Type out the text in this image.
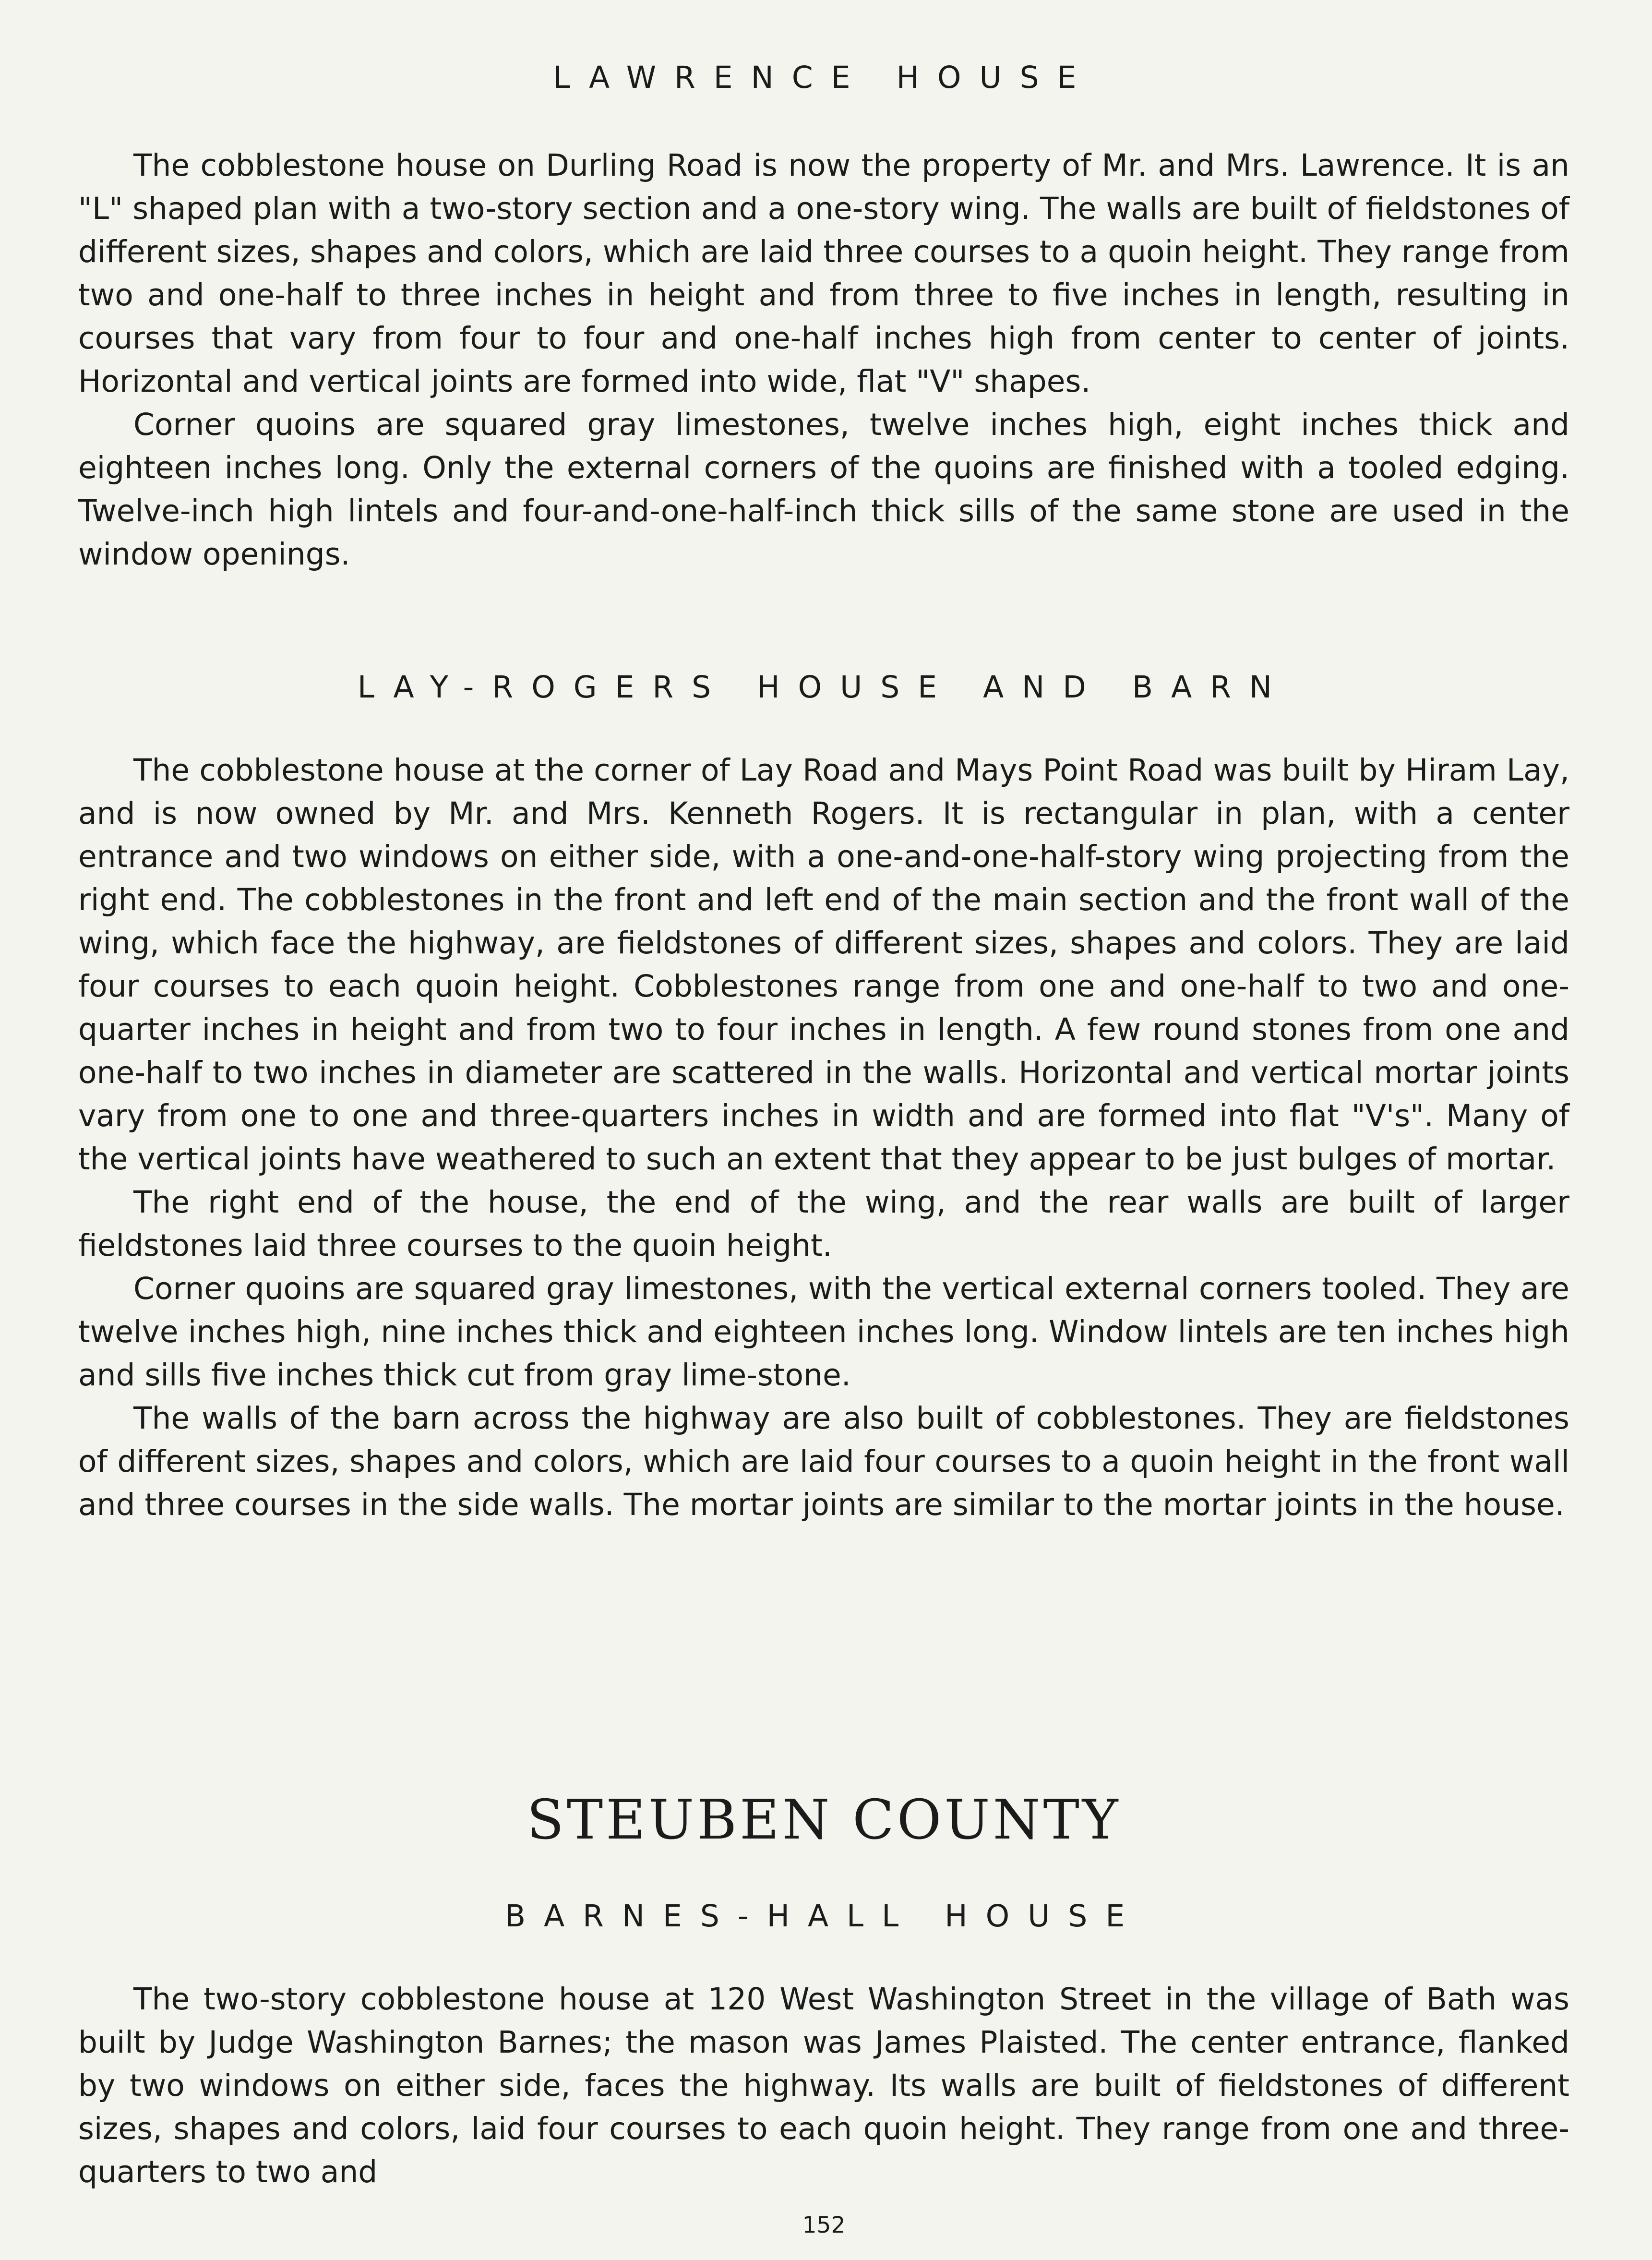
LAWRENCE HOUSE

The cobblestone house on Durling Road is now the property of Mr. and Mrs. Lawrence. It is an "L" shaped plan with a two-story section and a one-story wing. The walls are built of fieldstones of different sizes, shapes and colors, which are laid three courses to a quoin height. They range from two and one-half to three inches in height and from three to five inches in length, resulting in courses that vary from four to four and one-half inches high from center to center of joints. Horizontal and vertical joints are formed into wide, flat "V" shapes.

Corner quoins are squared gray limestones, twelve inches high, eight inches thick and eighteen inches long. Only the external corners of the quoins are finished with a tooled edging. Twelve-inch high lintels and four-and-one-half-inch thick sills of the same stone are used in the window openings.

LAY-ROGERS HOUSE AND BARN

The cobblestone house at the corner of Lay Road and Mays Point Road was built by Hiram Lay, and is now owned by Mr. and Mrs. Kenneth Rogers. It is rectangular in plan, with a center entrance and two windows on either side, with a one-and-one-half-story wing projecting from the right end. The cobblestones in the front and left end of the main section and the front wall of the wing, which face the highway, are fieldstones of different sizes, shapes and colors. They are laid four courses to each quoin height. Cobblestones range from one and one-half to two and one-quarter inches in height and from two to four inches in length. A few round stones from one and one-half to two inches in diameter are scattered in the walls. Horizontal and vertical mortar joints vary from one to one and three-quarters inches in width and are formed into flat "V's". Many of the vertical joints have weathered to such an extent that they appear to be just bulges of mortar.

The right end of the house, the end of the wing, and the rear walls are built of larger fieldstones laid three courses to the quoin height.

Corner quoins are squared gray limestones, with the vertical external corners tooled. They are twelve inches high, nine inches thick and eighteen inches long. Window lintels are ten inches high and sills five inches thick cut from gray lime-stone.

The walls of the barn across the highway are also built of cobblestones. They are fieldstones of different sizes, shapes and colors, which are laid four courses to a quoin height in the front wall and three courses in the side walls. The mortar joints are similar to the mortar joints in the house.

STEUBEN COUNTY
BARNES-HALL HOUSE

The two-story cobblestone house at 120 West Washington Street in the village of Bath was built by Judge Washington Barnes; the mason was James Plaisted. The center entrance, flanked by two windows on either side, faces the highway. Its walls are built of fieldstones of different sizes, shapes and colors, laid four courses to each quoin height. They range from one and three-quarters to two and

152
